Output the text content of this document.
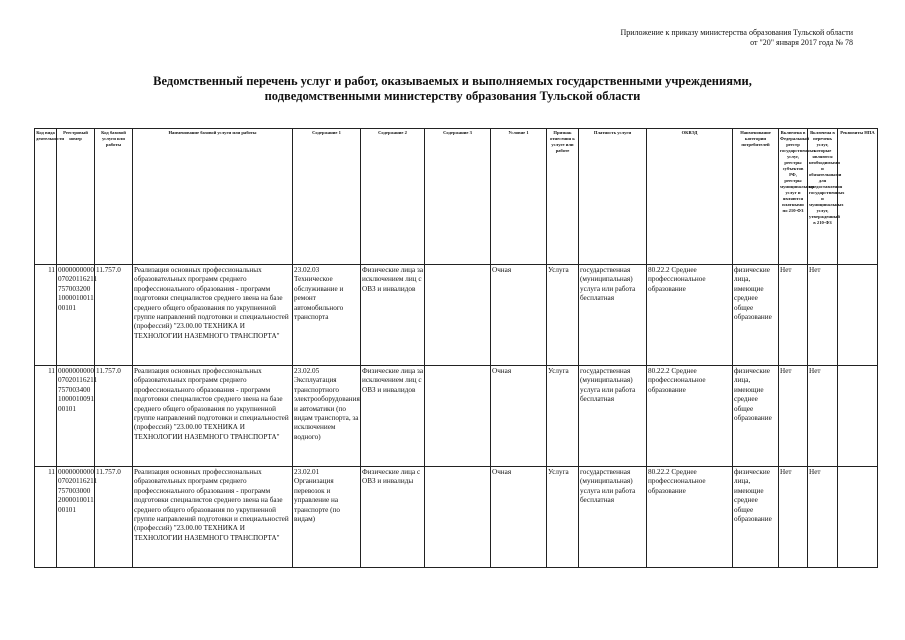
Приложение к приказу министерства образования Тульской области
от "20" января 2017 года № 78
Ведомственный перечень услуг и работ, оказываемых и выполняемых государственными учреждениями,
подведомственными министерству образования Тульской области
Код вида деятельности	Реестровый номер	Код базовой услуги или работы	Наименование базовой услуги или работы	Содержание 1	Содержание 2	Содержание 3	Условие 1	Признак отнесения к услуге или работе	Платность услуги	ОКВЭД	Наименование категории потребителей	Включена в Федеральный реестр государственных услуг, реестры субъектов РФ, реестры муниципальных услуг и являются платными по 210-ФЗ	Включена в перечень услуг, которые являются необходимыми и обязательными для предоставления государственных и муниципальных услуг, утвержденный в 210-ФЗ	Реквизиты НПА
11	0000000000 07020116211 757003200 1000010011 00101	11.757.0	Реализация основных профессиональных образовательных программ среднего профессионального образования - программ подготовки специалистов среднего звена на базе среднего общего образования по укрупненной группе направлений подготовки и специальностей (профессий) "23.00.00 ТЕХНИКА И ТЕХНОЛОГИИ НАЗЕМНОГО ТРАНСПОРТА"	23.02.03 Техническое обслуживание и ремонт автомобильного транспорта	Физические лица за исключением лиц с ОВЗ и инвалидов		Очная	Услуга	государственная (муниципальная) услуга или работа бесплатная	80.22.2 Среднее профессиональное образование	физические лица, имеющие среднее общее образование	Нет	Нет	
11	0000000000 07020116211 757003400 1000010091 00101	11.757.0	Реализация основных профессиональных образовательных программ среднего профессионального образования - программ подготовки специалистов среднего звена на базе среднего общего образования по укрупненной группе направлений подготовки и специальностей (профессий) "23.00.00 ТЕХНИКА И ТЕХНОЛОГИИ НАЗЕМНОГО ТРАНСПОРТА"	23.02.05 Эксплуатация транспортного электрооборудования и автоматики (по видам транспорта, за исключением водного)	Физические лица за исключением лиц с ОВЗ и инвалидов		Очная	Услуга	государственная (муниципальная) услуга или работа бесплатная	80.22.2 Среднее профессиональное образование	физические лица, имеющие среднее общее образование	Нет	Нет	
11	0000000000 07020116211 757003000 2000010011 00101	11.757.0	Реализация основных профессиональных образовательных программ среднего профессионального образования - программ подготовки специалистов среднего звена на базе среднего общего образования по укрупненной группе направлений подготовки и специальностей (профессий) "23.00.00 ТЕХНИКА И ТЕХНОЛОГИИ НАЗЕМНОГО ТРАНСПОРТА"	23.02.01 Организация перевозок и управление на транспорте (по видам)	Физические лица с ОВЗ и инвалиды		Очная	Услуга	государственная (муниципальная) услуга или работа бесплатная	80.22.2 Среднее профессиональное образование	физические лица, имеющие среднее общее образование	Нет	Нет	
